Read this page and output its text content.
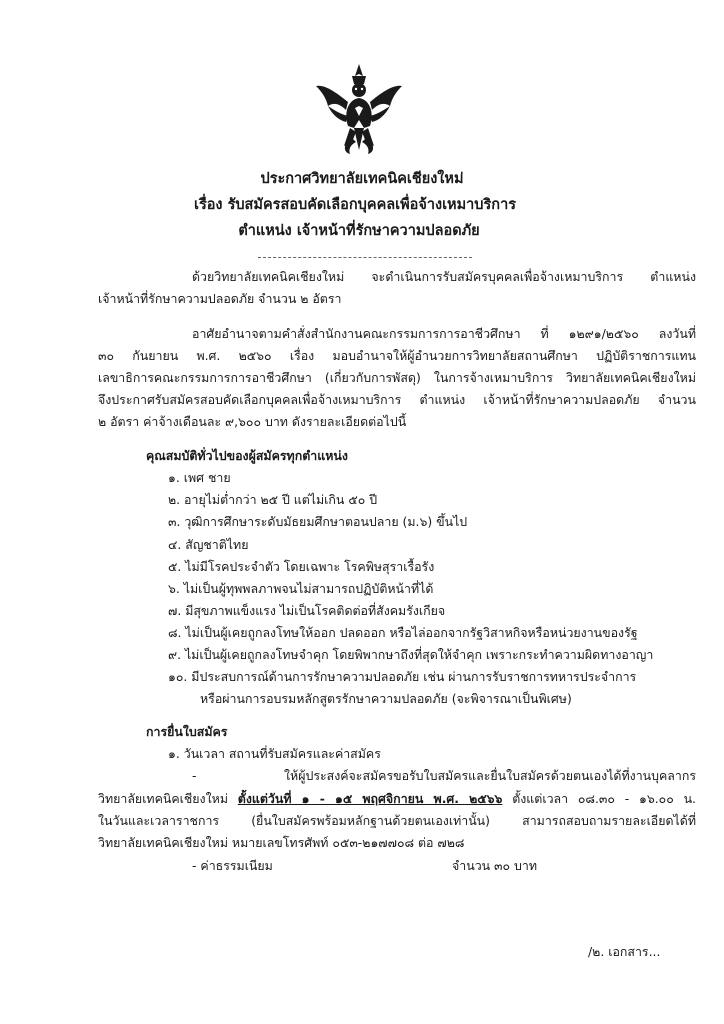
ประกาศวิทยาลัยเทคนิคเชียงใหม่
เรื่อง รับสมัครสอบคัดเลือกบุคคลเพื่อจ้างเหมาบริการ
ตำแหน่ง เจ้าหน้าที่รักษาความปลอดภัย
ด้วยวิทยาลัยเทคนิคเชียงใหม่ จะดำเนินการรับสมัครบุคคลเพื่อจ้างเหมาบริการ ตำแหน่ง
เจ้าหน้าที่รักษาความปลอดภัย จำนวน ๒ อัตรา
อาศัยอำนาจตามคำสั่งสำนักงานคณะกรรมการการอาชีวศึกษา ที่ ๑๒๙๑/๒๕๖๐ ลงวันที่
๓๐ กันยายน พ.ศ. ๒๕๖๐ เรื่อง มอบอำนาจให้ผู้อำนวยการวิทยาลัยสถานศึกษา ปฏิบัติราชการแทน
เลขาธิการคณะกรรมการการอาชีวศึกษา (เกี่ยวกับการพัสดุ) ในการจ้างเหมาบริการ วิทยาลัยเทคนิคเชียงใหม่
จึงประกาศรับสมัครสอบคัดเลือกบุคคลเพื่อจ้างเหมาบริการ ตำแหน่ง เจ้าหน้าที่รักษาความปลอดภัย จำนวน
๒ อัตรา ค่าจ้างเดือนละ ๙,๖๐๐ บาท ดังรายละเอียดต่อไปนี้
คุณสมบัติทั่วไปของผู้สมัครทุกตำแหน่ง
๑. เพศ ชาย
๒. อายุไม่ต่ำกว่า ๒๕ ปี แต่ไม่เกิน ๕๐ ปี
๓. วุฒิการศึกษาระดับมัธยมศึกษาตอนปลาย (ม.๖) ขึ้นไป
๔. สัญชาติไทย
๕. ไม่มีโรคประจำตัว โดยเฉพาะ โรคพิษสุราเรื้อรัง
๖. ไม่เป็นผู้ทุพพลภาพจนไม่สามารถปฏิบัติหน้าที่ได้
๗. มีสุขภาพแข็งแรง ไม่เป็นโรคติดต่อที่สังคมรังเกียจ
๘. ไม่เป็นผู้เคยถูกลงโทษให้ออก ปลดออก หรือไล่ออกจากรัฐวิสาหกิจหรือหน่วยงานของรัฐ
๙. ไม่เป็นผู้เคยถูกลงโทษจำคุก โดยพิพากษาถึงที่สุดให้จำคุก เพราะกระทำความผิดทางอาญา
๑๐. มีประสบการณ์ด้านการรักษาความปลอดภัย เช่น ผ่านการรับราชการทหารประจำการ
หรือผ่านการอบรมหลักสูตรรักษาความปลอดภัย (จะพิจารณาเป็นพิเศษ)
การยื่นใบสมัคร
๑. วันเวลา สถานที่รับสมัครและค่าสมัคร
- ให้ผู้ประสงค์จะสมัครขอรับใบสมัครและยื่นใบสมัครด้วยตนเองได้ที่งานบุคลากร
วิทยาลัยเทคนิคเชียงใหม่ ตั้งแต่วันที่ ๑ - ๑๕ พฤศจิกายน พ.ศ. ๒๕๖๖ ตั้งแต่เวลา ๐๘.๓๐ - ๑๖.๐๐ น.
ในวันและเวลาราชการ (ยื่นใบสมัครพร้อมหลักฐานด้วยตนเองเท่านั้น) สามารถสอบถามรายละเอียดได้ที่
วิทยาลัยเทคนิคเชียงใหม่ หมายเลขโทรศัพท์ ๐๕๓-๒๑๗๗๐๘ ต่อ ๗๒๘
- ค่าธรรมเนียม	จำนวน ๓๐ บาท
/๒. เอกสาร...
